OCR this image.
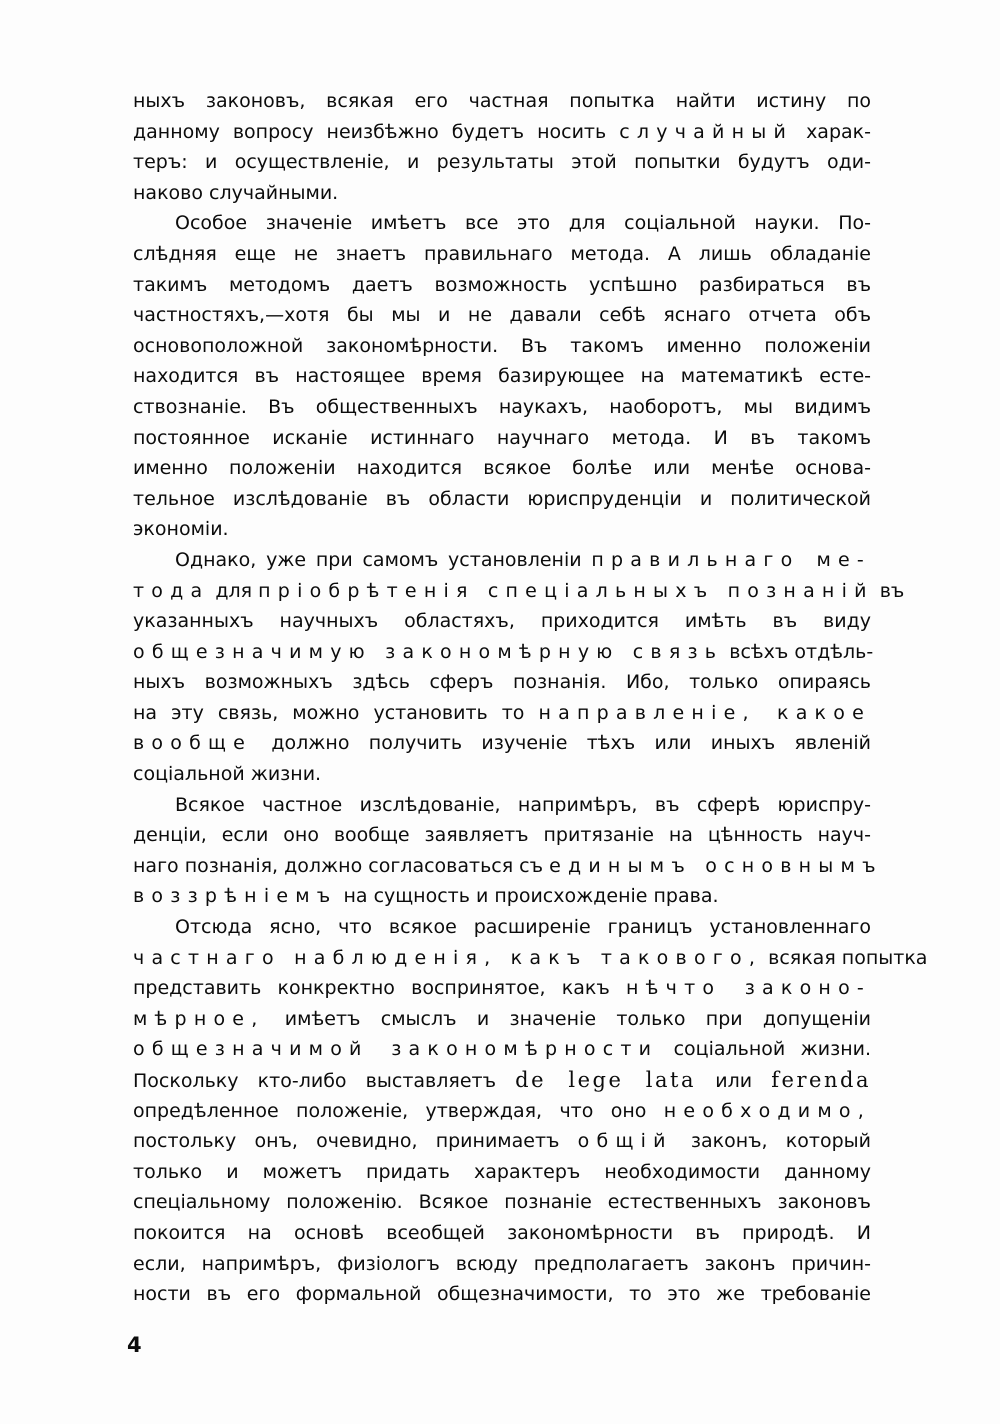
ныхъ законовъ, всякая его частная попытка найти истину по
данному вопросу неизбѣжно будетъ носить случайный харак-
теръ: и осуществленіе, и результаты этой попытки будутъ оди-
наково случайными.
Особое значеніе имѣетъ все это для соціальной науки. По-
слѣдняя еще не знаетъ правильнаго метода. А лишь обладаніе
такимъ методомъ даетъ возможность успѣшно разбираться въ
частностяхъ,—хотя бы мы и не давали себѣ яснаго отчета объ
основоположной закономѣрности. Въ такомъ именно положеніи
находится въ настоящее время базирующее на математикѣ есте-
ствознаніе. Въ общественныхъ наукахъ, наоборотъ, мы видимъ
постоянное исканіе истиннаго научнаго метода. И въ такомъ
именно положеніи находится всякое болѣе или менѣе основа-
тельное изслѣдованіе въ области юриспруденціи и политической
экономіи.
Однако, уже при самомъ установленіи правильнаго ме-
тода для пріобрѣтенія спеціальныхъ познаній въ
указанныхъ научныхъ областяхъ, приходится имѣть въ виду
общезначимую закономѣрную связь всѣхъ отдѣль-
ныхъ возможныхъ здѣсь сферъ познанія. Ибо, только опираясь
на эту связь, можно установить то направленіе, какое
вообще должно получить изученіе тѣхъ или иныхъ явленій
соціальной жизни.
Всякое частное изслѣдованіе, напримѣръ, въ сферѣ юриспру-
денціи, если оно вообще заявляетъ притязаніе на цѣнность науч-
наго познанія, должно согласоваться съ единымъ основнымъ
воззрѣніемъ на сущность и происхожденіе права.
Отсюда ясно, что всякое расширеніе границъ установленнаго
частнаго наблюденія, какъ такового, всякая попытка
представить конкректно воспринятое, какъ нѣчто законо-
мѣрное, имѣетъ смыслъ и значеніе только при допущеніи
общезначимой закономѣрности соціальной жизни.
Поскольку кто-либо выставляетъ de lege lata или ferenda
опредѣленное положеніе, утверждая, что оно необходимо,
постольку онъ, очевидно, принимаетъ общій законъ, который
только и можетъ придать характеръ необходимости данному
спеціальному положенію. Всякое познаніе естественныхъ законовъ
покоится на основѣ всеобщей закономѣрности въ природѣ. И
если, напримѣръ, физіологъ всюду предполагаетъ законъ причин-
ности въ его формальной общезначимости, то это же требованіе
4
